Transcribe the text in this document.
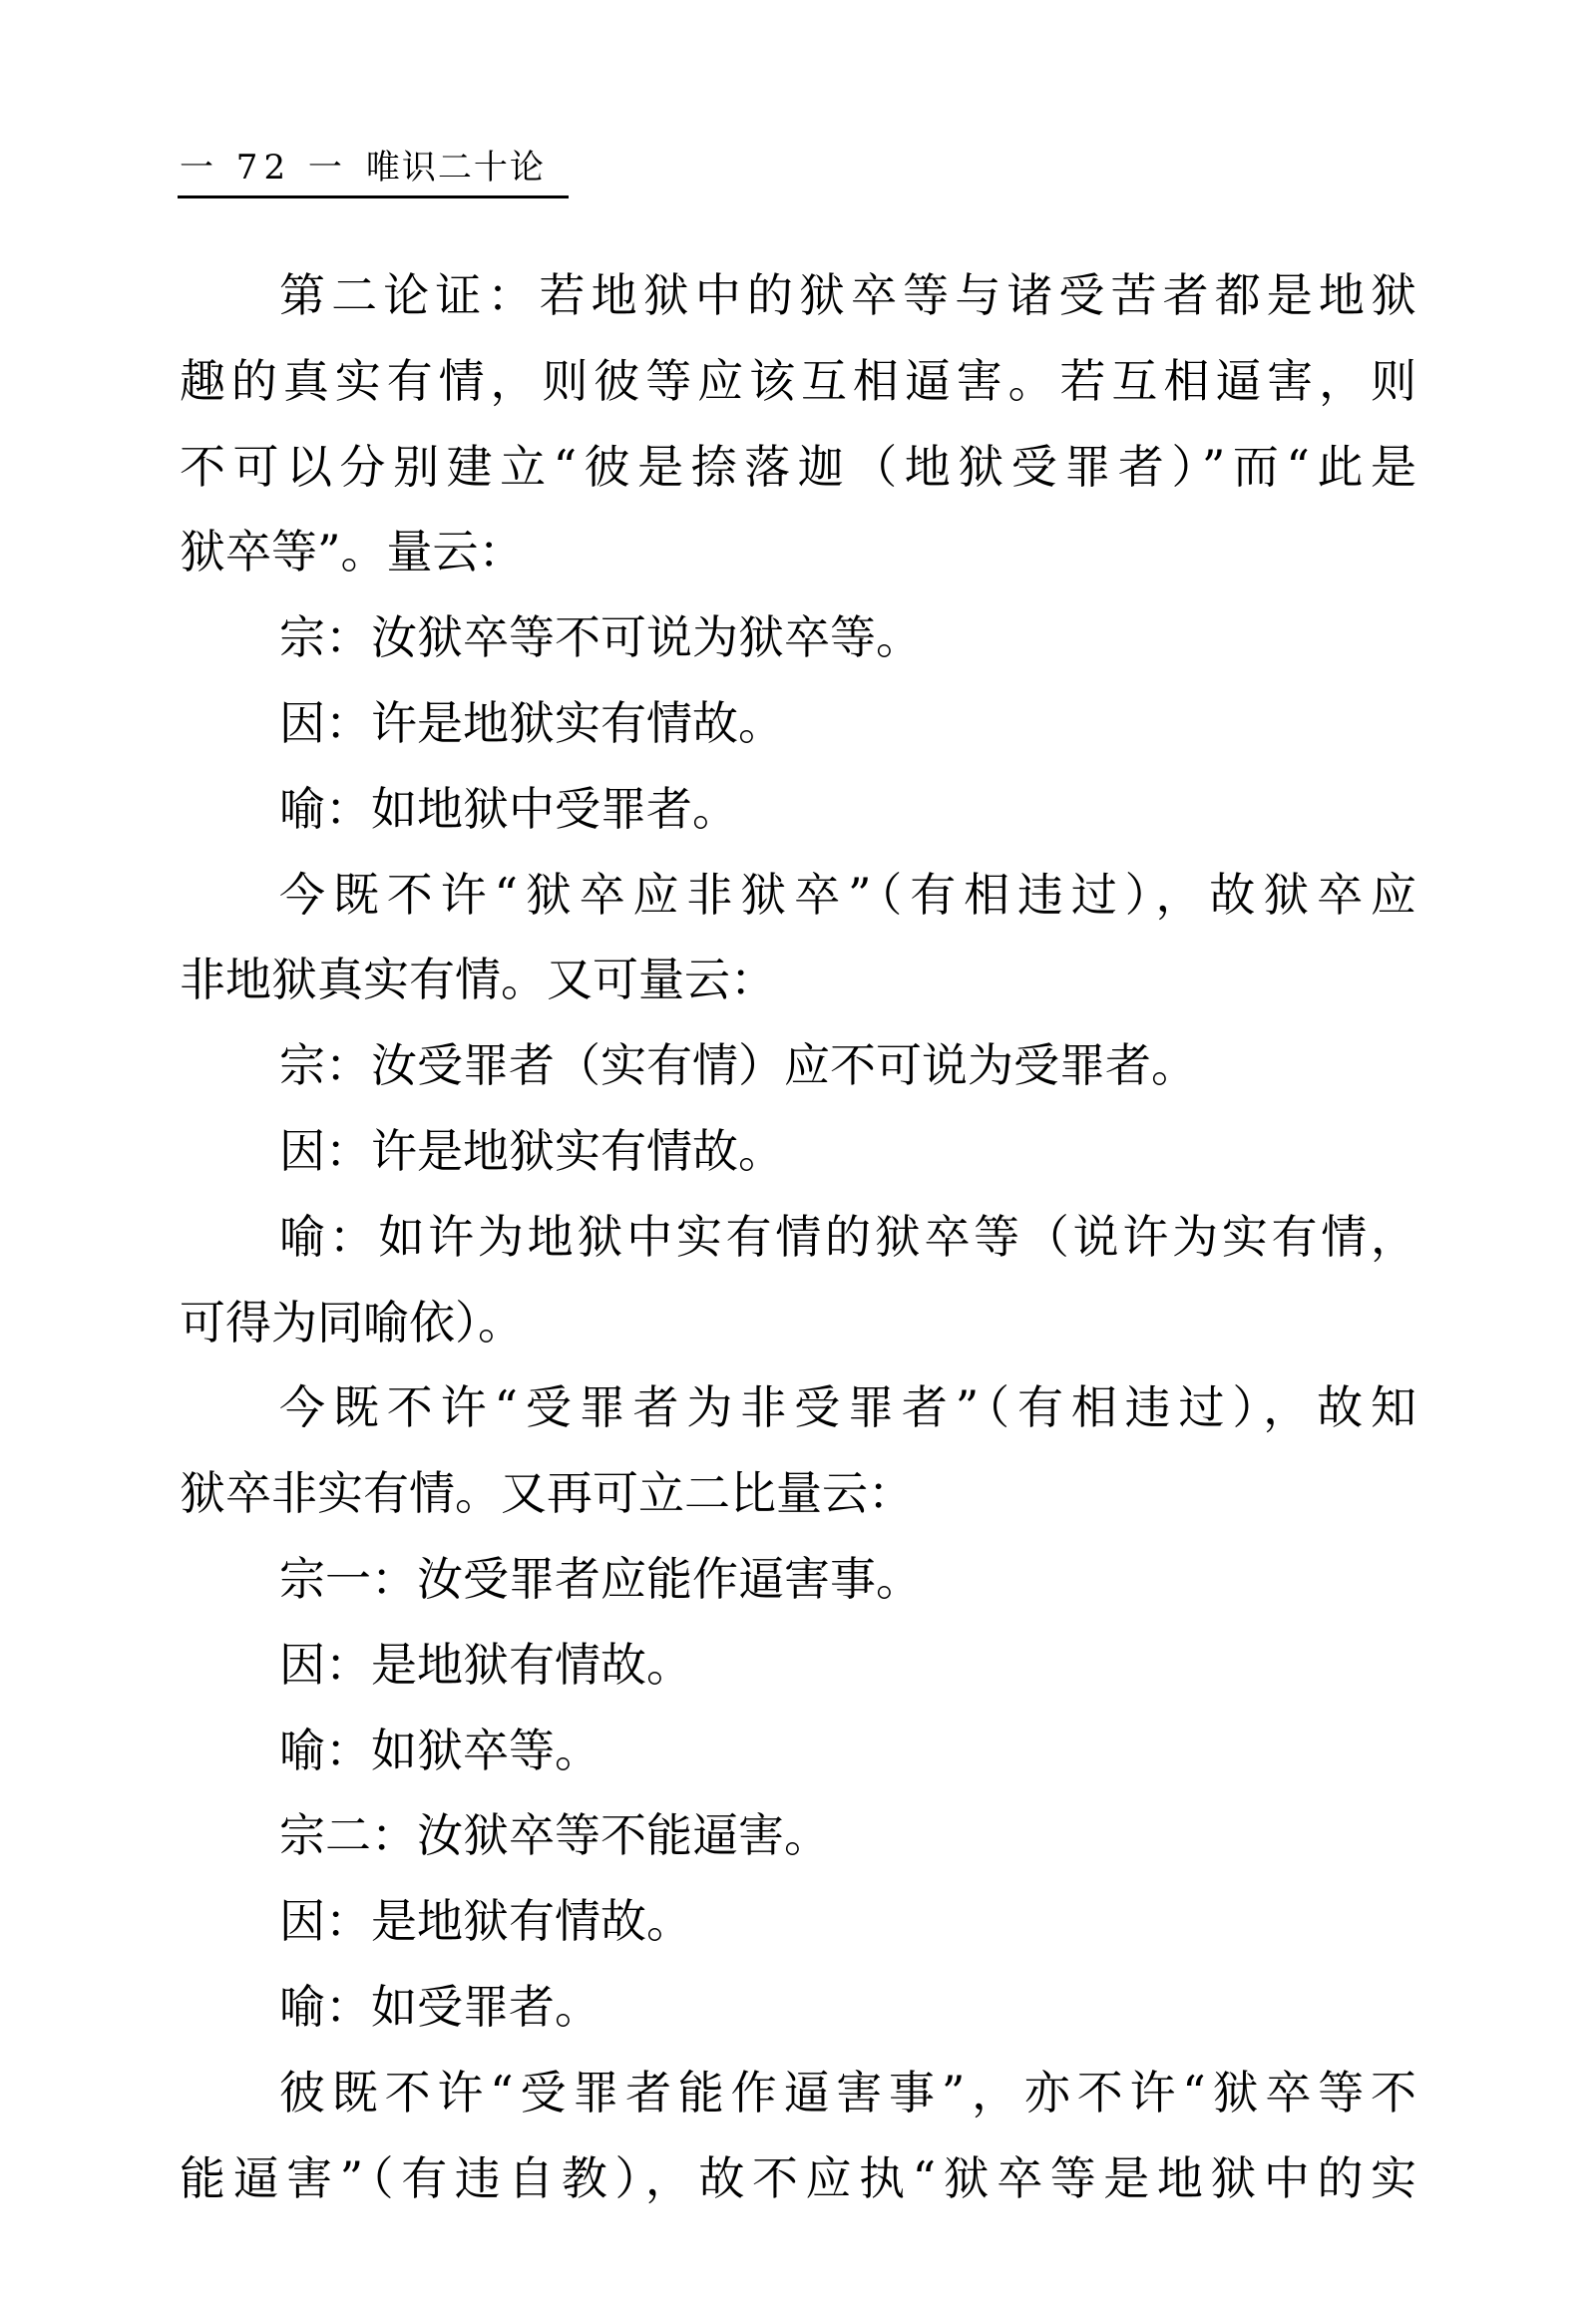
一 72 一 唯识二十论
第二论证：若地狱中的狱卒等与诸受苦者都是地狱
趣的真实有情，则彼等应该互相逼害。若互相逼害，则
不可以分别建立“彼是捺落迦（地狱受罪者）”而“此是
狱卒等”。量云：
宗：汝狱卒等不可说为狱卒等。
因：许是地狱实有情故。
喻：如地狱中受罪者。
今既不许“狱卒应非狱卒”（有相违过），故狱卒应
非地狱真实有情。又可量云：
宗：汝受罪者（实有情）应不可说为受罪者。
因：许是地狱实有情故。
喻：如许为地狱中实有情的狱卒等（说许为实有情，
可得为同喻依）。
今既不许“受罪者为非受罪者”（有相违过），故知
狱卒非实有情。又再可立二比量云：
宗一：汝受罪者应能作逼害事。
因：是地狱有情故。
喻：如狱卒等。
宗二：汝狱卒等不能逼害。
因：是地狱有情故。
喻：如受罪者。
彼既不许“受罪者能作逼害事”，亦不许“狱卒等不
能逼害”（有违自教），故不应执“狱卒等是地狱中的实
